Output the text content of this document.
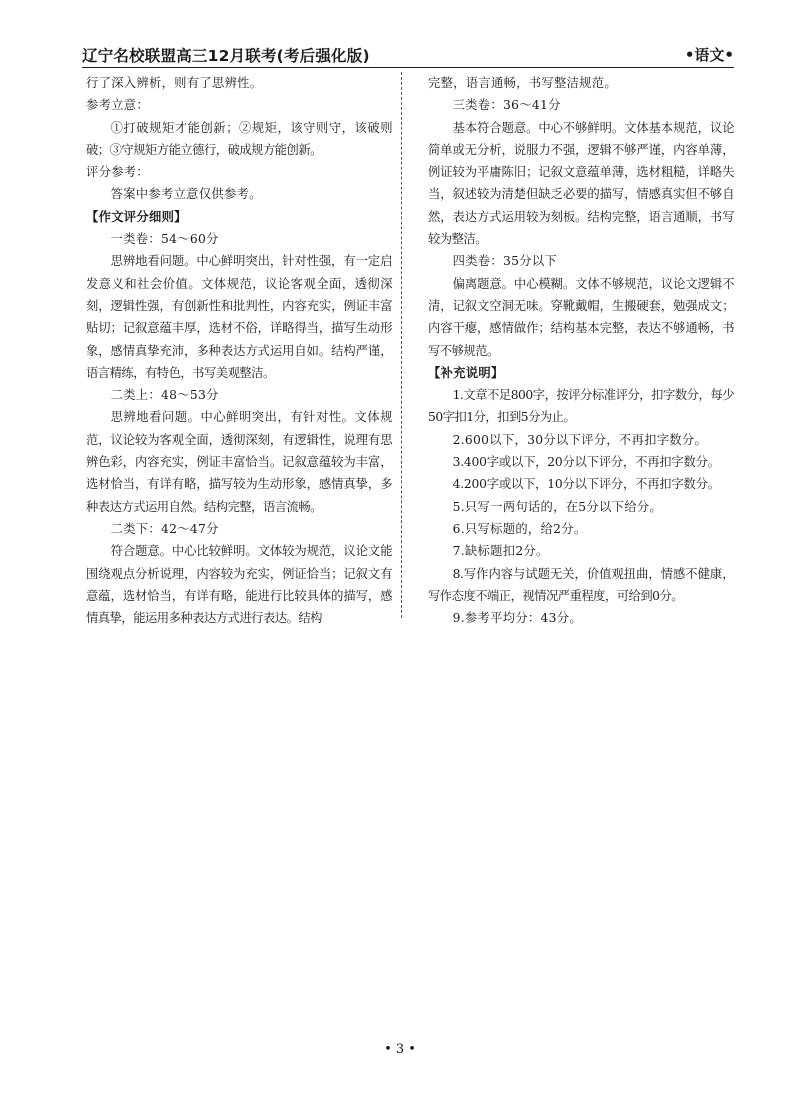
辽宁名校联盟高三12月联考(考后强化版)	•语文•

行了深入辨析，则有了思辨性。

参考立意：

①打破规矩才能创新；②规矩，该守则守，该破则破；③守规矩方能立德行，破成规方能创新。

评分参考：

答案中参考立意仅供参考。

【作文评分细则】

一类卷：54～60分

思辨地看问题。中心鲜明突出，针对性强，有一定启发意义和社会价值。文体规范，议论客观全面，透彻深刻，逻辑性强，有创新性和批判性，内容充实，例证丰富贴切；记叙意蕴丰厚，选材不俗，详略得当，描写生动形象，感情真挚充沛，多种表达方式运用自如。结构严谨，语言精练，有特色，书写美观整洁。

二类上：48～53分

思辨地看问题。中心鲜明突出，有针对性。文体规范，议论较为客观全面，透彻深刻，有逻辑性，说理有思辨色彩，内容充实，例证丰富恰当。记叙意蕴较为丰富，选材恰当，有详有略，描写较为生动形象，感情真挚，多种表达方式运用自然。结构完整，语言流畅。

二类下：42～47分

符合题意。中心比较鲜明。文体较为规范，议论文能围绕观点分析说理，内容较为充实，例证恰当；记叙文有意蕴，选材恰当，有详有略，能进行比较具体的描写，感情真挚，能运用多种表达方式进行表达。结构

完整，语言通畅，书写整洁规范。

三类卷：36～41分

基本符合题意。中心不够鲜明。文体基本规范，议论简单或无分析，说服力不强，逻辑不够严谨，内容单薄，例证较为平庸陈旧；记叙文意蕴单薄，选材粗糙，详略失当，叙述较为清楚但缺乏必要的描写，情感真实但不够自然，表达方式运用较为刻板。结构完整，语言通顺，书写较为整洁。

四类卷：35分以下

偏离题意。中心模糊。文体不够规范，议论文逻辑不清，记叙文空洞无味。穿靴戴帽，生搬硬套，勉强成文；内容干瘪，感情做作；结构基本完整，表达不够通畅，书写不够规范。

【补充说明】

1.文章不足800字，按评分标准评分，扣字数分，每少50字扣1分，扣到5分为止。

2.600以下，30分以下评分，不再扣字数分。

3.400字或以下，20分以下评分，不再扣字数分。

4.200字或以下，10分以下评分，不再扣字数分。

5.只写一两句话的，在5分以下给分。

6.只写标题的，给2分。

7.缺标题扣2分。

8.写作内容与试题无关，价值观扭曲，情感不健康，写作态度不端正，视情况严重程度，可给到0分。

9.参考平均分：43分。

• 3 •
